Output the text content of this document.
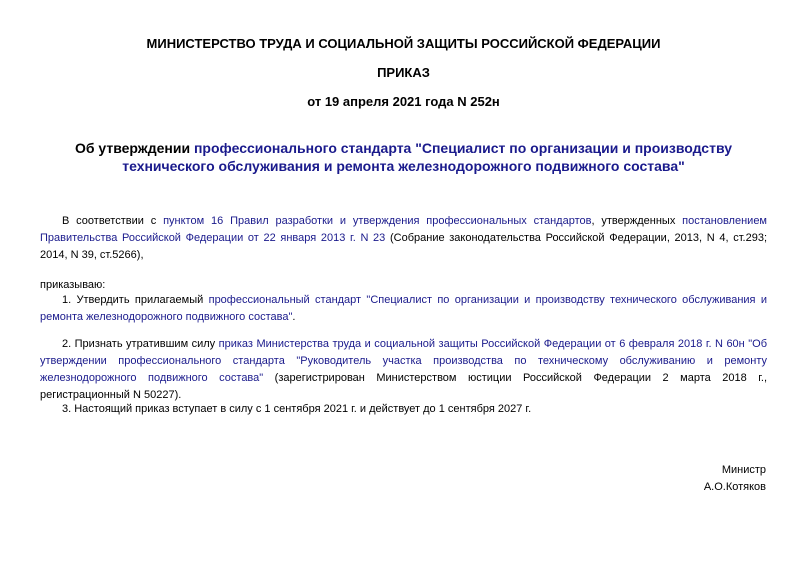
МИНИСТЕРСТВО ТРУДА И СОЦИАЛЬНОЙ ЗАЩИТЫ РОССИЙСКОЙ ФЕДЕРАЦИИ
ПРИКАЗ
от 19 апреля 2021 года N 252н
Об утверждении профессионального стандарта "Специалист по организации и производству технического обслуживания и ремонта железнодорожного подвижного состава"
В соответствии с пунктом 16 Правил разработки и утверждения профессиональных стандартов, утвержденных постановлением Правительства Российской Федерации от 22 января 2013 г. N 23 (Собрание законодательства Российской Федерации, 2013, N 4, ст.293; 2014, N 39, ст.5266),
приказываю:
1. Утвердить прилагаемый профессиональный стандарт "Специалист по организации и производству технического обслуживания и ремонта железнодорожного подвижного состава".
2. Признать утратившим силу приказ Министерства труда и социальной защиты Российской Федерации от 6 февраля 2018 г. N 60н "Об утверждении профессионального стандарта "Руководитель участка производства по техническому обслуживанию и ремонту железнодорожного подвижного состава" (зарегистрирован Министерством юстиции Российской Федерации 2 марта 2018 г., регистрационный N 50227).
3. Настоящий приказ вступает в силу с 1 сентября 2021 г. и действует до 1 сентября 2027 г.
Министр
А.О.Котяков
